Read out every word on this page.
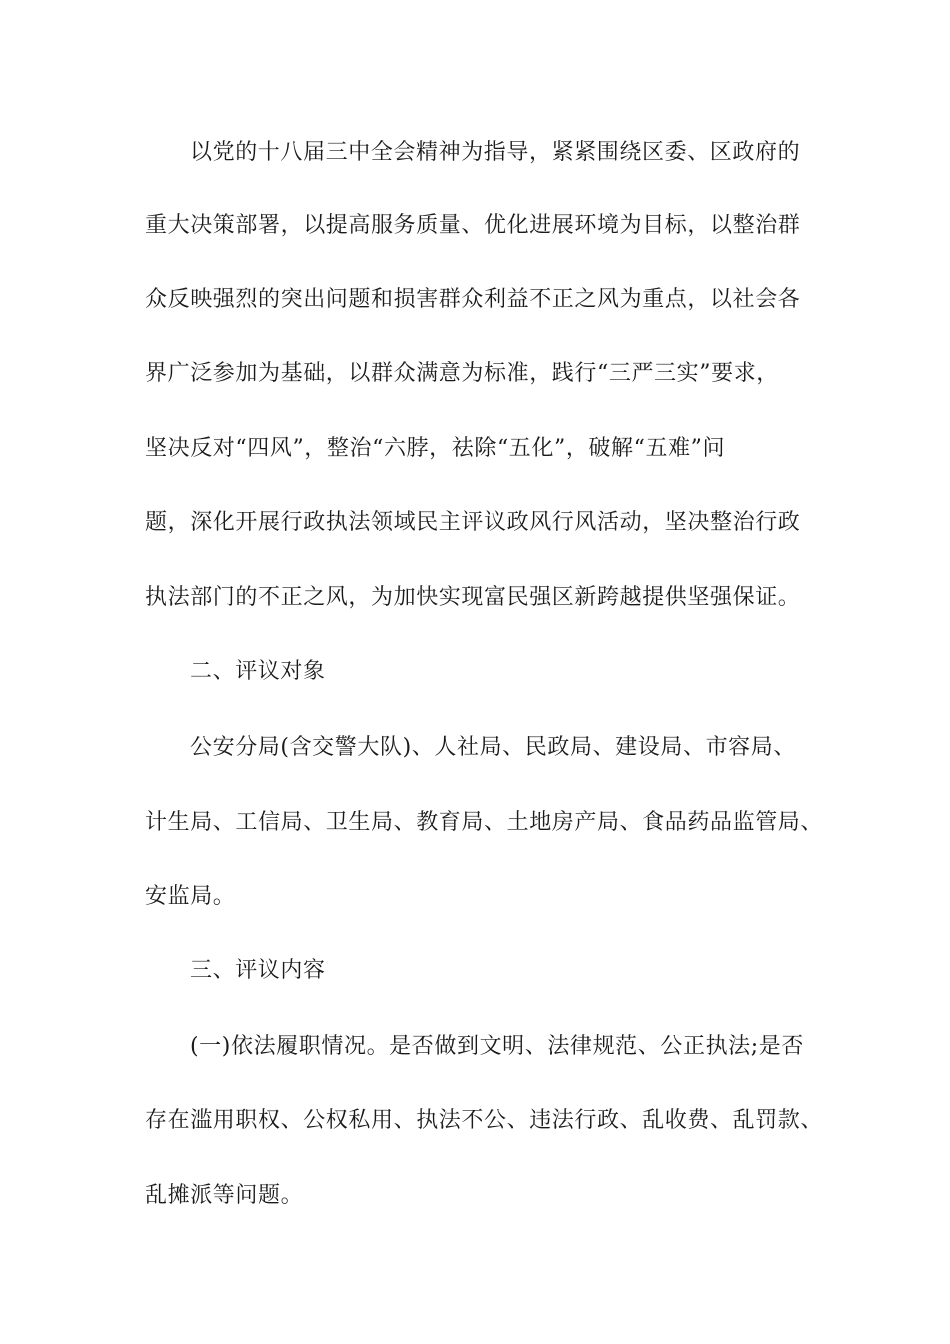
以党的十八届三中全会精神为指导，紧紧围绕区委、区政府的
重大决策部署，以提高服务质量、优化进展环境为目标，以整治群
众反映强烈的突出问题和损害群众利益不正之风为重点，以社会各
界广泛参加为基础，以群众满意为标准，践行“三严三实”要求，
坚决反对“四风”，整治“六脖，祛除“五化”，破解“五难”问
题，深化开展行政执法领域民主评议政风行风活动，坚决整治行政
执法部门的不正之风，为加快实现富民强区新跨越提供坚强保证。
二、评议对象
公安分局(含交警大队)、人社局、民政局、建设局、市容局、
计生局、工信局、卫生局、教育局、土地房产局、食品药品监管局、
安监局。
三、评议内容
(一)依法履职情况。是否做到文明、法律规范、公正执法;是否
存在滥用职权、公权私用、执法不公、违法行政、乱收费、乱罚款、
乱摊派等问题。
